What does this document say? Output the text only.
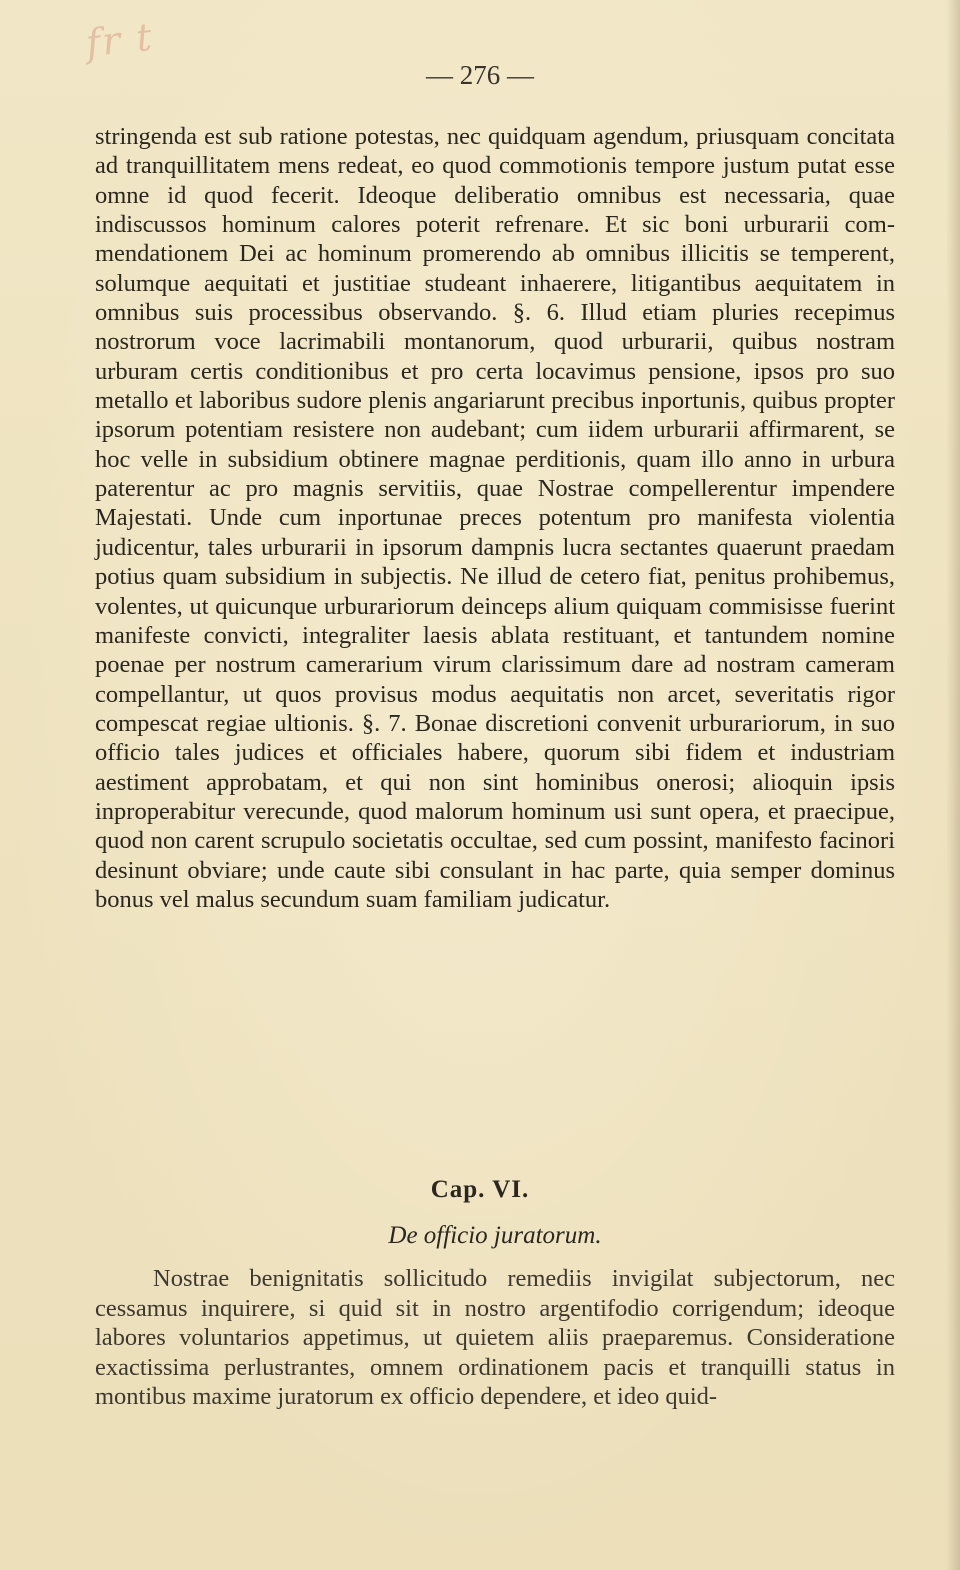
fr t
— 276 —

stringenda est sub ratione potestas, nec quidquam agendum, priusquam concitata ad tranquillitatem mens redeat, eo quod commotionis tempore justum putat esse omne id quod fecerit. Ideoque deliberatio omnibus est necessaria, quae indiscussos hominum calores poterit refrenare. Et sic boni urburarii commendationem Dei ac hominum promerendo ab omnibus illicitis se temperent, solumque aequitati et justitiae studeant inhaerere, litigantibus aequitatem in omnibus suis processibus observando. §. 6. Illud etiam pluries recepimus nostrorum voce lacrimabili montanorum, quod urburarii, quibus nostram urburam certis conditionibus et pro certa locavimus pensione, ipsos pro suo metallo et laboribus sudore plenis angariarunt precibus inportunis, quibus propter ipsorum potentiam resistere non audebant; cum iidem urburarii affirmarent, se hoc velle in subsidium obtinere magnae perditionis, quam illo anno in urbura paterentur ac pro magnis servitiis, quae Nostrae compellerentur impendere Majestati. Unde cum inportunae preces potentum pro manifesta violentia judicentur, tales urburarii in ipsorum dampnis lucra sectantes quaerunt praedam potius quam subsidium in subjectis. Ne illud de cetero fiat, penitus prohibemus, volentes, ut quicunque urburariorum deinceps alium quiquam commisisse fuerint manifeste convicti, integraliter laesis ablata restituant, et tantundem nomine poenae per nostrum camerarium virum clarissimum dare ad nostram cameram compellantur, ut quos provisus modus aequitatis non arcet, severitatis rigor compescat regiae ultionis. §. 7. Bonae discretioni convenit urburariorum, in suo officio tales judices et officiales habere, quorum sibi fidem et industriam aestiment approbatam, et qui non sint hominibus onerosi; alioquin ipsis inproperabitur verecunde, quod malorum hominum usi sunt opera, et praecipue, quod non carent scrupulo societatis occultae, sed cum possint, manifesto facinori desinunt obviare; unde caute sibi consulant in hac parte, quia semper dominus bonus vel malus secundum suam familiam judicatur.

Cap. VI.
De officio juratorum.

Nostrae benignitatis sollicitudo remediis invigilat subjectorum, nec cessamus inquirere, si quid sit in nostro argentifodio corrigendum; ideoque labores voluntarios appetimus, ut quietem aliis praeparemus. Consideratione exactissima perlustrantes, omnem ordinationem pacis et tranquilli status in montibus maxime juratorum ex officio dependere, et ideo quid-
